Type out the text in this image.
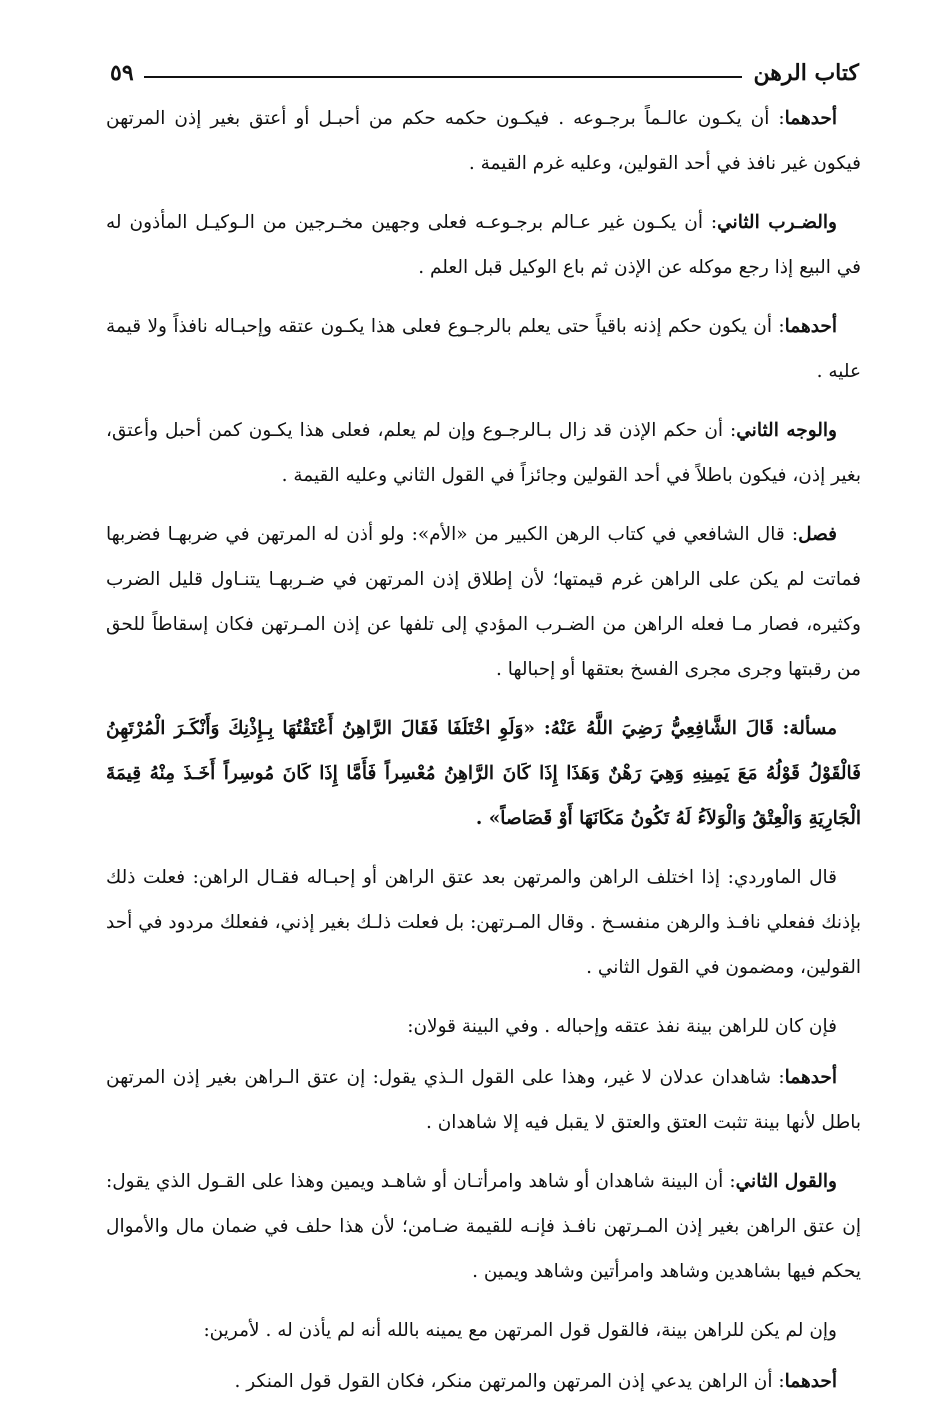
كتاب الرهن
٥٩

أحدهما: أن يكـون عالـماً برجـوعه . فيكـون حكمه حكم من أحبـل أو أعتق بغير إذن المرتهن فيكون غير نافذ في أحد القولين، وعليه غرم القيمة .

والضـرب الثاني: أن يكـون غير عـالم برجـوعـه فعلى وجهين مخـرجين من الـوكيـل المأذون له في البيع إذا رجع موكله عن الإذن ثم باع الوكيل قبل العلم .

أحدهما: أن يكون حكم إذنه باقياً حتى يعلم بالرجـوع فعلى هذا يكـون عتقه وإحبـاله نافذاً ولا قيمة عليه .

والوجه الثاني: أن حكم الإذن قد زال بـالرجـوع وإن لم يعلم، فعلى هذا يكـون كمن أحبل وأعتق، بغير إذن، فيكون باطلاً في أحد القولين وجائزاً في القول الثاني وعليه القيمة .

فصل: قال الشافعي في كتاب الرهن الكبير من «الأم»: ولو أذن له المرتهن في ضربهـا فضربها فماتت لم يكن على الراهن غرم قيمتها؛ لأن إطلاق إذن المرتهن في ضـربهـا يتنـاول قليل الضرب وكثيره، فصار مـا فعله الراهن من الضـرب المؤدي إلى تلفها عن إذن المـرتهن فكان إسقاطاً للحق من رقبتها وجرى مجرى الفسخ بعتقها أو إحبالها .

مسألة: قَالَ الشَّافِعِيُّ رَضِيَ اللَّهُ عَنْهُ: «وَلَوِ اخْتَلَفَا فَقَالَ الرَّاهِنُ أَعْتَقْتُهَا بِـإِذْنِكَ وَأَنْكَـرَ الْمُرْتَهِنُ فَالْقَوْلُ قَوْلُهُ مَعَ يَمِينِهِ وَهِيَ رَهْنٌ وَهَذَا إِذَا كَانَ الرَّاهِنُ مُعْسِراً فَأَمَّا إِذَا كَانَ مُوسِراً أَخَـذَ مِنْهُ قِيمَةَ الْجَارِيَةِ وَالْعِتْقُ وَالْوَلاَءُ لَهُ تَكُونُ مَكَانَهَا أَوْ قَصَاصاً» .

قال الماوردي: إذا اختلف الراهن والمرتهن بعد عتق الراهن أو إحبـاله فقـال الراهن: فعلت ذلك بإذنك ففعلي نافـذ والرهن منفسـخ . وقال المـرتهن: بل فعلت ذلـك بغير إذني، ففعلك مردود في أحد القولين، ومضمون في القول الثاني .

فإن كان للراهن بينة نفذ عتقه وإحباله . وفي البينة قولان:

أحدهما: شاهدان عدلان لا غير، وهذا على القول الـذي يقول: إن عتق الـراهن بغير إذن المرتهن باطل لأنها بينة تثبت العتق والعتق لا يقبل فيه إلا شاهدان .

والقول الثاني: أن البينة شاهدان أو شاهد وامرأتـان أو شاهـد ويمين وهذا على القـول الذي يقول: إن عتق الراهن بغير إذن المـرتهن نافـذ فإنـه للقيمة ضـامن؛ لأن هذا حلف في ضمان مال والأموال يحكم فيها بشاهدين وشاهد وامرأتين وشاهد ويمين .

وإن لم يكن للراهن بينة، فالقول قول المرتهن مع يمينه بالله أنه لم يأذن له . لأمرين:

أحدهما: أن الراهن يدعي إذن المرتهن والمرتهن منكر، فكان القول قول المنكر .
